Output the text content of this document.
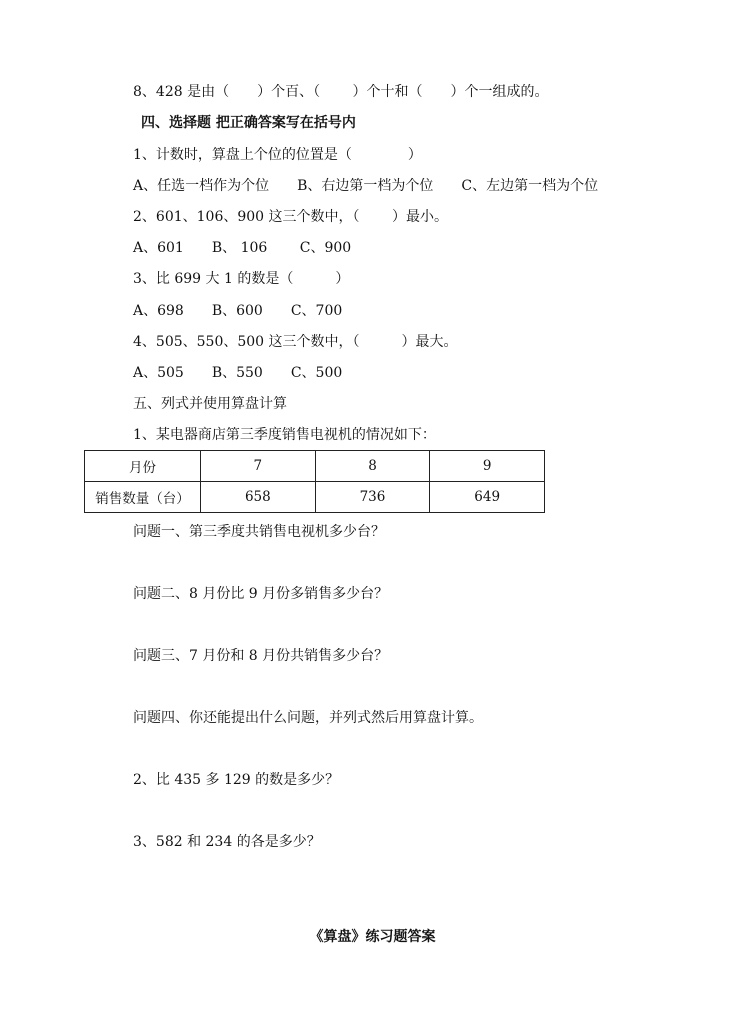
8、428 是由（　　）个百、（　　 ）个十和（　　）个一组成的。
四、选择题 把正确答案写在括号内
1、计数时，算盘上个位的位置是（　　　　）
A、任选一档作为个位　　B、右边第一档为个位　　C、左边第一档为个位
2、601、106、900 这三个数中，（　　 ）最小。
A、601　　B、 106　　 C、900
3、比 699 大 1 的数是（　　　）
A、698　　B、600　　C、700
4、505、550、500 这三个数中，（　　　）最大。
A、505　　B、550　　C、500
五、列式并使用算盘计算
1、某电器商店第三季度销售电视机的情况如下：
月份	7	8	9
销售数量（台）	658	736	649
问题一、第三季度共销售电视机多少台？
问题二、8 月份比 9 月份多销售多少台？
问题三、7 月份和 8 月份共销售多少台？
问题四、你还能提出什么问题，并列式然后用算盘计算。
2、比 435 多 129 的数是多少？
3、582 和 234 的各是多少？
《算盘》练习题答案
